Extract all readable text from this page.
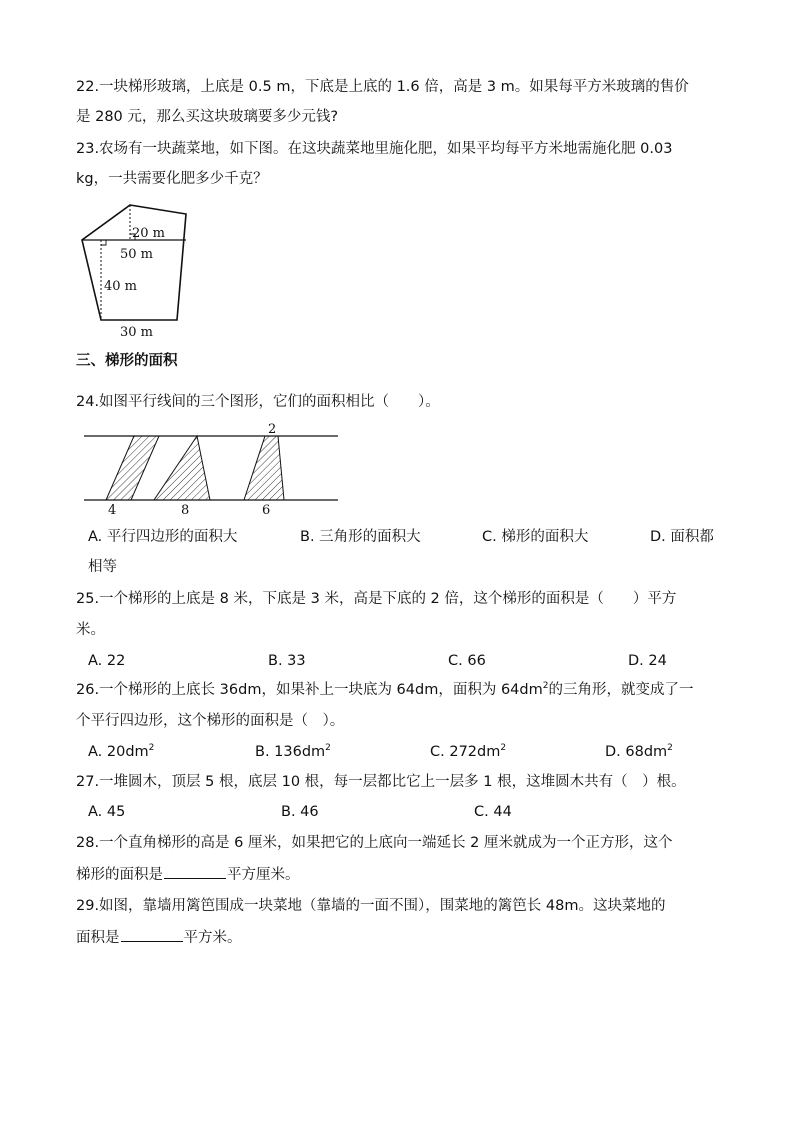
22.一块梯形玻璃，上底是 0.5 m，下底是上底的 1.6 倍，高是 3 m。如果每平方米玻璃的售价
是 280 元，那么买这块玻璃要多少元钱?
23.农场有一块蔬菜地，如下图。在这块蔬菜地里施化肥，如果平均每平方米地需施化肥 0.03
kg，一共需要化肥多少千克？
20 m
50 m
40 m
30 m
三、梯形的面积
24.如图平行线间的三个图形，它们的面积相比（　　）。
2
4	8	6
A. 平行四边形的面积大	B. 三角形的面积大	C. 梯形的面积大	D. 面积都
相等
25.一个梯形的上底是 8 米，下底是 3 米，高是下底的 2 倍，这个梯形的面积是（　　）平方
米。
A. 22	B. 33	C. 66	D. 24
26.一个梯形的上底长 36dm，如果补上一块底为 64dm，面积为 $64dm^2$的三角形，就变成了一
个平行四边形，这个梯形的面积是（　）。
A. $20dm^2$	B. $136dm^2$	C. $272dm^2$	D. $68dm^2$
27.一堆圆木，顶层 5 根，底层 10 根，每一层都比它上一层多 1 根，这堆圆木共有（　）根。
A. 45	B. 46	C. 44
28.一个直角梯形的高是 6 厘米，如果把它的上底向一端延长 2 厘米就成为一个正方形，这个
梯形的面积是	平方厘米。
29.如图，靠墙用篱笆围成一块菜地（靠墙的一面不围），围菜地的篱笆长 48m。这块菜地的
面积是	平方米。
